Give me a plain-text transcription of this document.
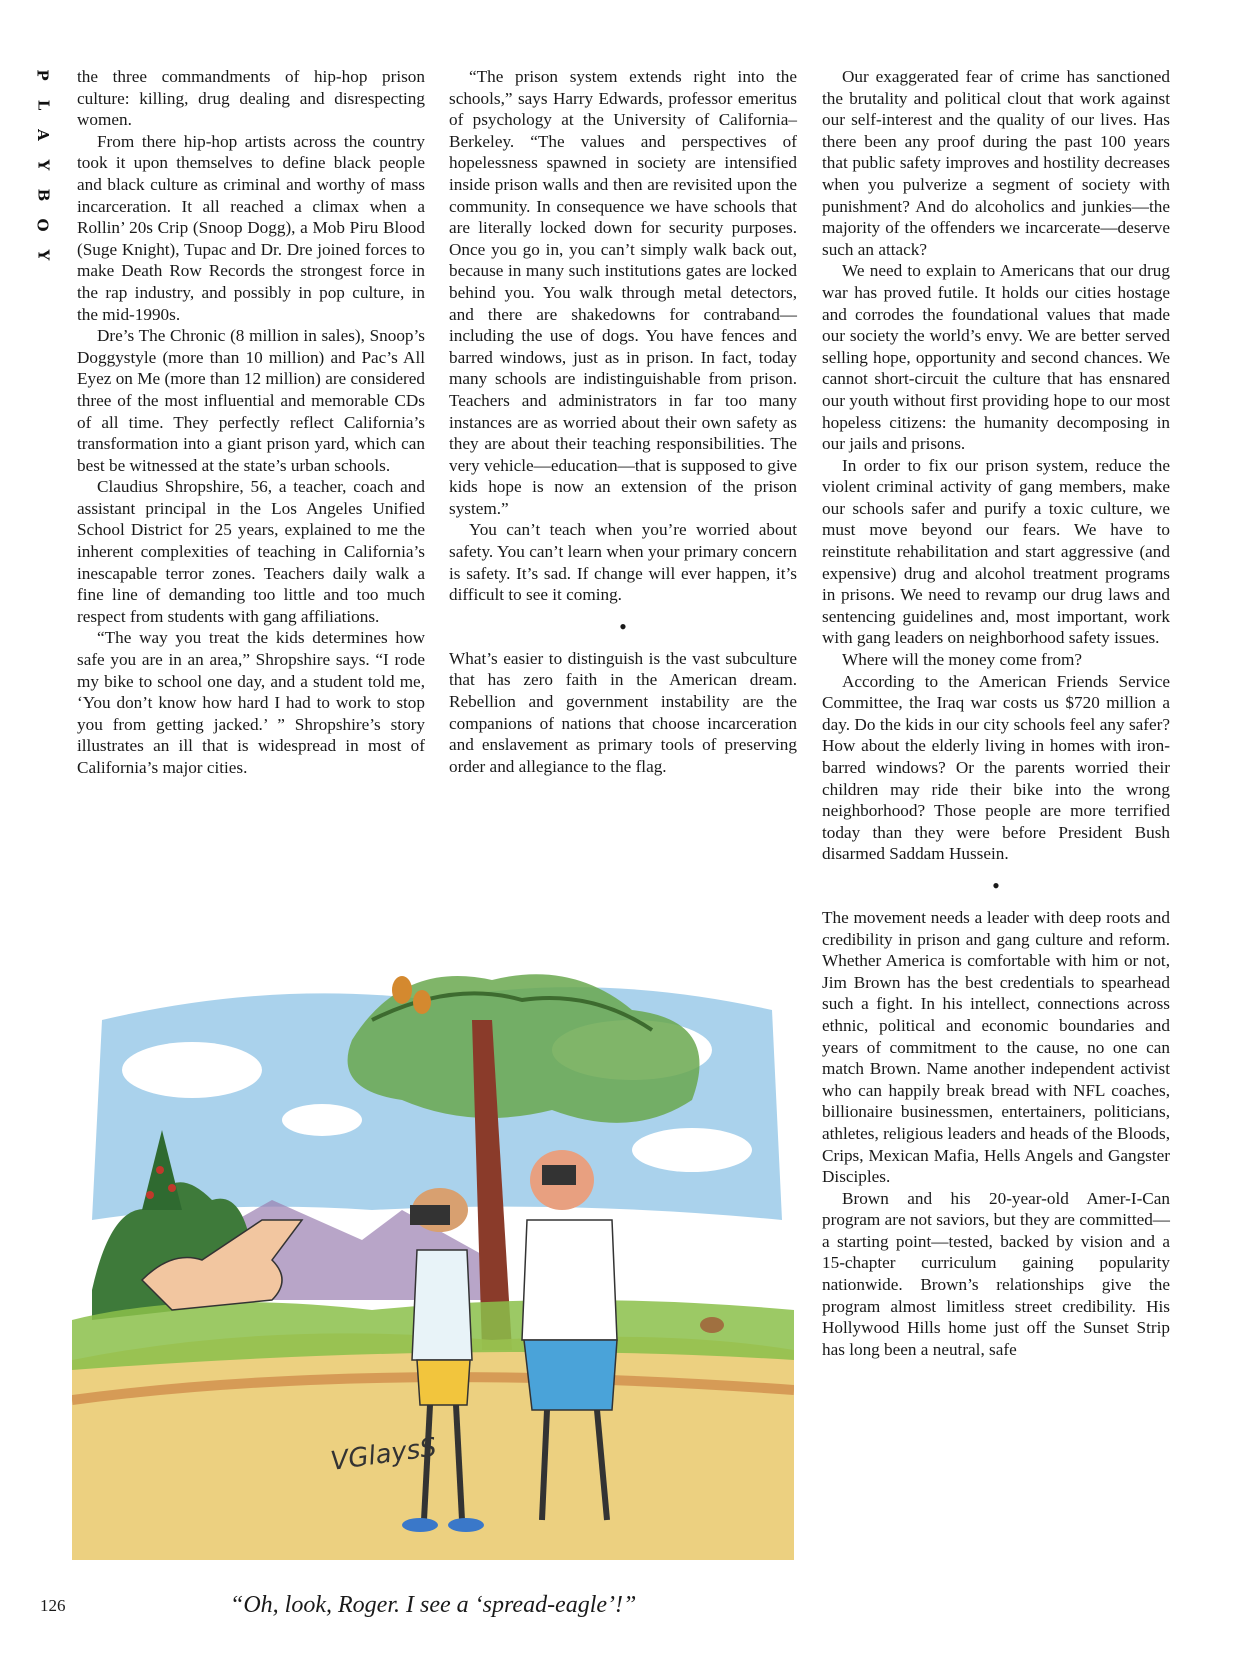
P
L
A
Y
B
O
Y

the three commandments of hip-hop prison culture: killing, drug dealing and disrespecting women.

From there hip-hop artists across the country took it upon themselves to define black people and black culture as criminal and worthy of mass incarceration. It all reached a climax when a Rollin’ 20s Crip (Snoop Dogg), a Mob Piru Blood (Suge Knight), Tupac and Dr. Dre joined forces to make Death Row Records the strongest force in the rap industry, and possibly in pop culture, in the mid-1990s.

Dre’s The Chronic (8 million in sales), Snoop’s Doggystyle (more than 10 million) and Pac’s All Eyez on Me (more than 12 million) are considered three of the most influential and memorable CDs of all time. They perfectly reflect California’s transformation into a giant prison yard, which can best be witnessed at the state’s urban schools.

Claudius Shropshire, 56, a teacher, coach and assistant principal in the Los Angeles Unified School District for 25 years, explained to me the inherent complexities of teaching in California’s inescapable terror zones. Teachers daily walk a fine line of demanding too little and too much respect from students with gang affiliations.

“The way you treat the kids determines how safe you are in an area,” Shropshire says. “I rode my bike to school one day, and a student told me, ‘You don’t know how hard I had to work to stop you from getting jacked.’ ” Shropshire’s story illustrates an ill that is widespread in most of California’s major cities.

“The prison system extends right into the schools,” says Harry Edwards, professor emeritus of psychology at the University of California–Berkeley. “The values and perspectives of hopelessness spawned in society are intensified inside prison walls and then are revisited upon the community. In consequence we have schools that are literally locked down for security purposes. Once you go in, you can’t simply walk back out, because in many such institutions gates are locked behind you. You walk through metal detectors, and there are shakedowns for contraband—including the use of dogs. You have fences and barred windows, just as in prison. In fact, today many schools are indistinguishable from prison. Teachers and administrators in far too many instances are as worried about their own safety as they are about their teaching responsibilities. The very vehicle—education—that is supposed to give kids hope is now an extension of the prison system.”

You can’t teach when you’re worried about safety. You can’t learn when your primary concern is safety. It’s sad. If change will ever happen, it’s difficult to see it coming.

•

What’s easier to distinguish is the vast subculture that has zero faith in the American dream. Rebellion and government instability are the companions of nations that choose incarceration and enslavement as primary tools of preserving order and allegiance to the flag.

Our exaggerated fear of crime has sanctioned the brutality and political clout that work against our self-interest and the quality of our lives. Has there been any proof during the past 100 years that public safety improves and hostility decreases when you pulverize a segment of society with punishment? And do alcoholics and junkies—the majority of the offenders we incarcerate—deserve such an attack?

We need to explain to Americans that our drug war has proved futile. It holds our cities hostage and corrodes the foundational values that made our society the world’s envy. We are better served selling hope, opportunity and second chances. We cannot short-circuit the culture that has ensnared our youth without first providing hope to our most hopeless citizens: the humanity decomposing in our jails and prisons.

In order to fix our prison system, reduce the violent criminal activity of gang members, make our schools safer and purify a toxic culture, we must move beyond our fears. We have to reinstitute rehabilitation and start aggressive (and expensive) drug and alcohol treatment programs in prisons. We need to revamp our drug laws and sentencing guidelines and, most important, work with gang leaders on neighborhood safety issues.

Where will the money come from?

According to the American Friends Service Committee, the Iraq war costs us $720 million a day. Do the kids in our city schools feel any safer? How about the elderly living in homes with iron-barred windows? Or the parents worried their children may ride their bike into the wrong neighborhood? Those people are more terrified today than they were before President Bush disarmed Saddam Hussein.

•

The movement needs a leader with deep roots and credibility in prison and gang culture and reform. Whether America is comfortable with him or not, Jim Brown has the best credentials to spearhead such a fight. In his intellect, connections across ethnic, political and economic boundaries and years of commitment to the cause, no one can match Brown. Name another independent activist who can happily break bread with NFL coaches, billionaire businessmen, entertainers, politicians, athletes, religious leaders and heads of the Bloods, Crips, Mexican Mafia, Hells Angels and Gangster Disciples.

Brown and his 20-year-old Amer-I-Can program are not saviors, but they are committed—a starting point—tested, backed by vision and a 15-chapter curriculum gaining popularity nationwide. Brown’s relationships give the program almost limitless street credibility. His Hollywood Hills home just off the Sunset Strip has long been a neutral, safe

VGlaysS
“Oh, look, Roger. I see a ‘spread-eagle’!”
126
